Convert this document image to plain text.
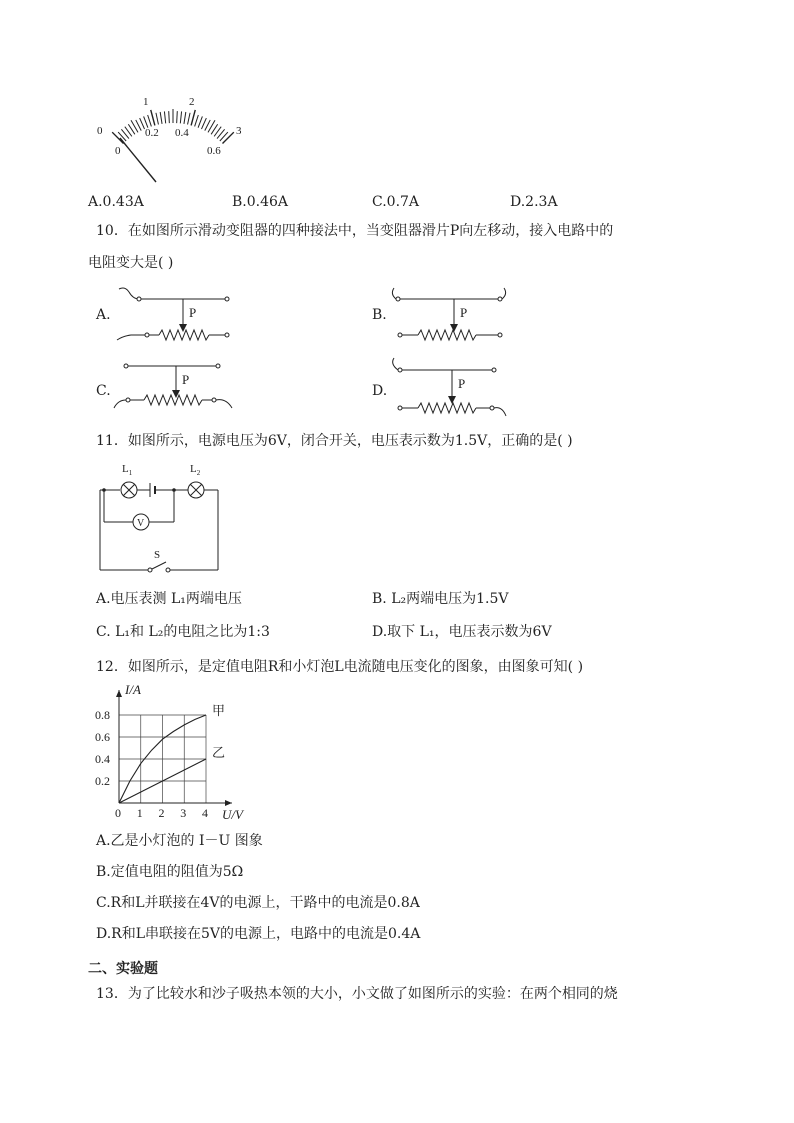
0
1	2
3
0
0.2 0.4
0.6
A.0.43A	B.0.46A	C.0.7A	D.2.3A
10．在如图所示滑动变阻器的四种接法中，当变阻器滑片P向左移动，接入电路中的
电阻变大是( )
A.	P	B.	P
C.
P
D.	P
11．如图所示，电源电压为6V，闭合开关，电压表示数为1.5V，正确的是( )
S
$L_1$	$L_2$
V
A.电压表测 L₁两端电压	B. L₂两端电压为1.5V
C. L₁和 L₂的电阻之比为1:3	D.取下 L₁，电压表示数为6V
12．如图所示，是定值电阻R和小灯泡L电流随电压变化的图象，由图象可知( )
0 1 2 3 4
0.2
0.4
0.6
0.8
U/V
I/A
甲
乙
A.乙是小灯泡的 I－U 图象
B.定值电阻的阻值为5Ω
C.R和L并联接在4V的电源上，干路中的电流是0.8A
D.R和L串联接在5V的电源上，电路中的电流是0.4A
二、实验题
13．为了比较水和沙子吸热本领的大小，小文做了如图所示的实验：在两个相同的烧
